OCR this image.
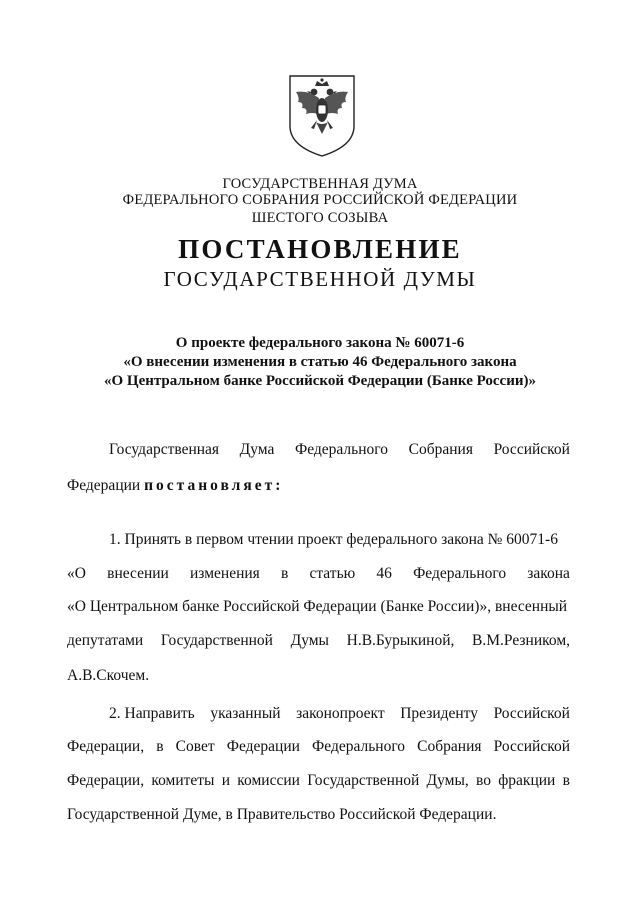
ГОСУДАРСТВЕННАЯ ДУМА
ФЕДЕРАЛЬНОГО СОБРАНИЯ РОССИЙСКОЙ ФЕДЕРАЦИИ
ШЕСТОГО СОЗЫВА
ПОСТАНОВЛЕНИЕ
ГОСУДАРСТВЕННОЙ ДУМЫ
О проекте федерального закона № 60071-6
«О внесении изменения в статью 46 Федерального закона
«О Центральном банке Российской Федерации (Банке России)»
Государственная Дума Федерального Собрания Российской
Федерации постановляет:
1. Принять в первом чтении проект федерального закона № 60071-6
«О внесении изменения в статью 46 Федерального закона
«О Центральном банке Российской Федерации (Банке России)», внесенный
депутатами Государственной Думы Н.В.Бурыкиной, В.М.Резником,
А.В.Скочем.
2. Направить указанный законопроект Президенту Российской
Федерации, в Совет Федерации Федерального Собрания Российской
Федерации, комитеты и комиссии Государственной Думы, во фракции в
Государственной Думе, в Правительство Российской Федерации.
